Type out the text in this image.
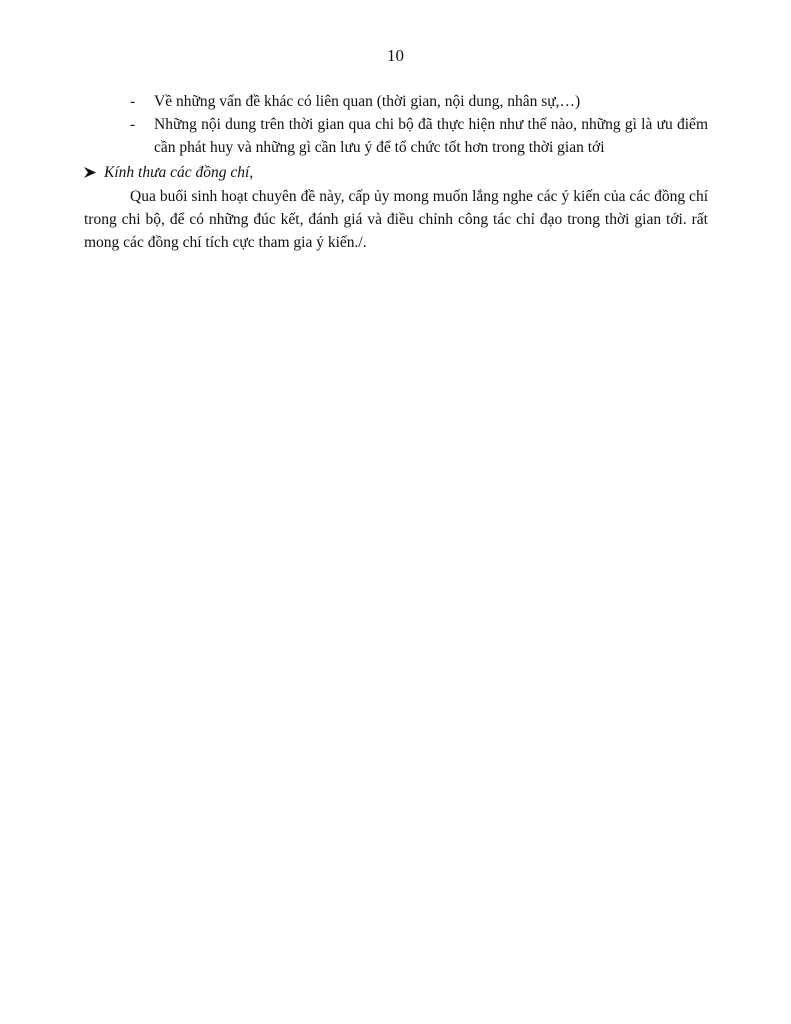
10
- Về những vấn đề khác có liên quan (thời gian, nội dung, nhân sự,…)
- Những nội dung trên thời gian qua chi bộ đã thực hiện như thế nào, những gì là ưu điểm cần phát huy và những gì cần lưu ý để tổ chức tốt hơn trong thời gian tới
Kính thưa các đồng chí,

Qua buổi sinh hoạt chuyên đề này, cấp ủy mong muốn lắng nghe các ý kiến của các đồng chí trong chi bộ, để có những đúc kết, đánh giá và điều chỉnh công tác chỉ đạo trong thời gian tới. rất mong các đồng chí tích cực tham gia ý kiến./.
